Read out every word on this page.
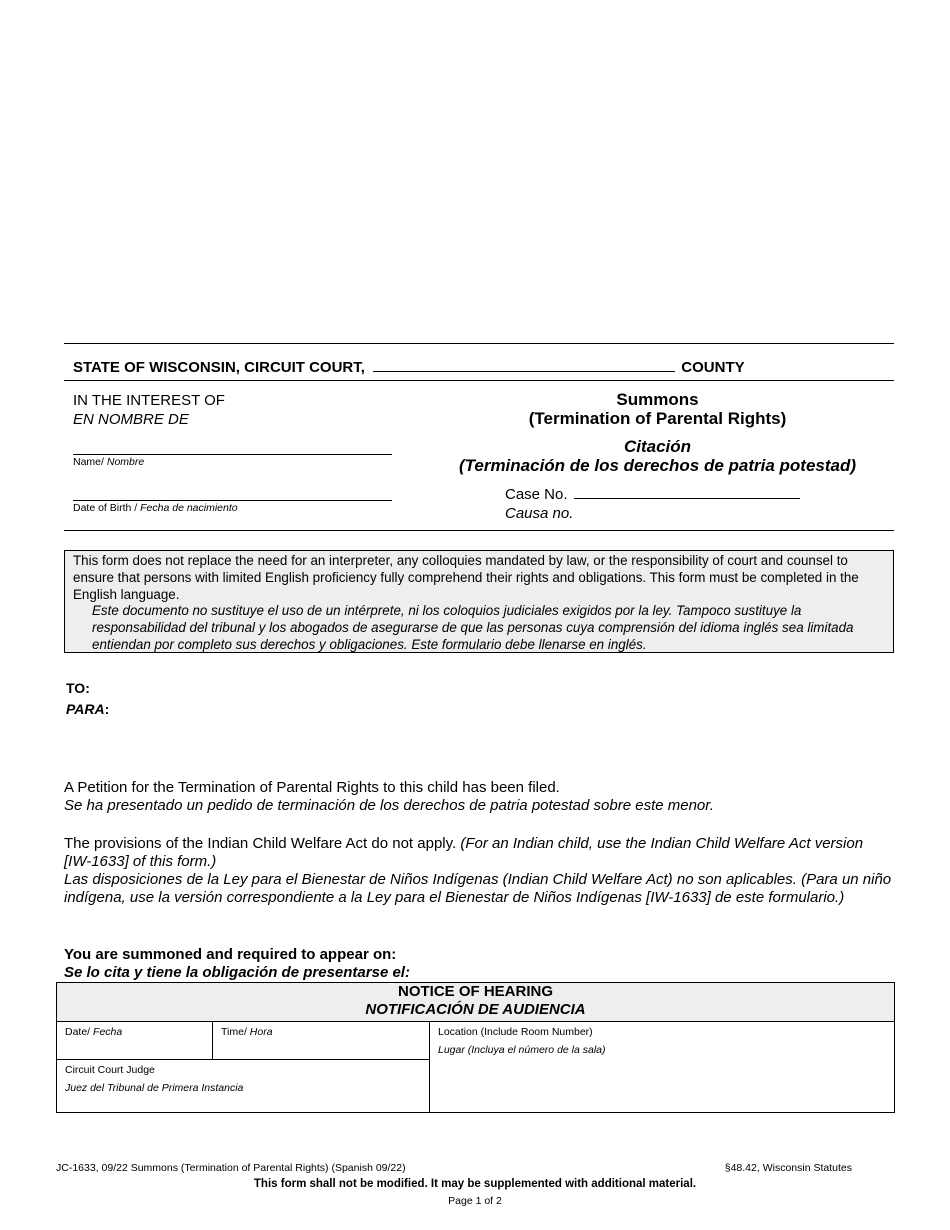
STATE OF WISCONSIN, CIRCUIT COURT,	COUNTY
IN THE INTEREST OF
EN NOMBRE DE
Name/ Nombre
Date of Birth / Fecha de nacimiento
Summons
(Termination of Parental Rights)
Citación
(Terminación de los derechos de patria potestad)
Case No.
Causa no.
This form does not replace the need for an interpreter, any colloquies mandated by law, or the responsibility of court and counsel to ensure that persons with limited English proficiency fully comprehend their rights and obligations. This form must be completed in the English language.
Este documento no sustituye el uso de un intérprete, ni los coloquios judiciales exigidos por la ley. Tampoco sustituye la responsabilidad del tribunal y los abogados de asegurarse de que las personas cuya comprensión del idioma inglés sea limitada entiendan por completo sus derechos y obligaciones. Este formulario debe llenarse en inglés.
TO:
PARA:
A Petition for the Termination of Parental Rights to this child has been filed.
Se ha presentado un pedido de terminación de los derechos de patria potestad sobre este menor.
The provisions of the Indian Child Welfare Act do not apply. (For an Indian child, use the Indian Child Welfare Act version [IW-1633] of this form.)
Las disposiciones de la Ley para el Bienestar de Niños Indígenas (Indian Child Welfare Act) no son aplicables. (Para un niño indígena, use la versión correspondiente a la Ley para el Bienestar de Niños Indígenas [IW-1633] de este formulario.)
You are summoned and required to appear on:
Se lo cita y tiene la obligación de presentarse el:
NOTICE OF HEARING
NOTIFICACIÓN DE AUDIENCIA

Date/ Fecha	Time/ Hora	Location (Include Room Number)
Lugar (Incluya el número de la sala)

Circuit Court Judge
Juez del Tribunal de Primera Instancia
JC-1633, 09/22 Summons (Termination of Parental Rights) (Spanish 09/22)	§48.42, Wisconsin Statutes
This form shall not be modified. It may be supplemented with additional material.
Page 1 of 2
